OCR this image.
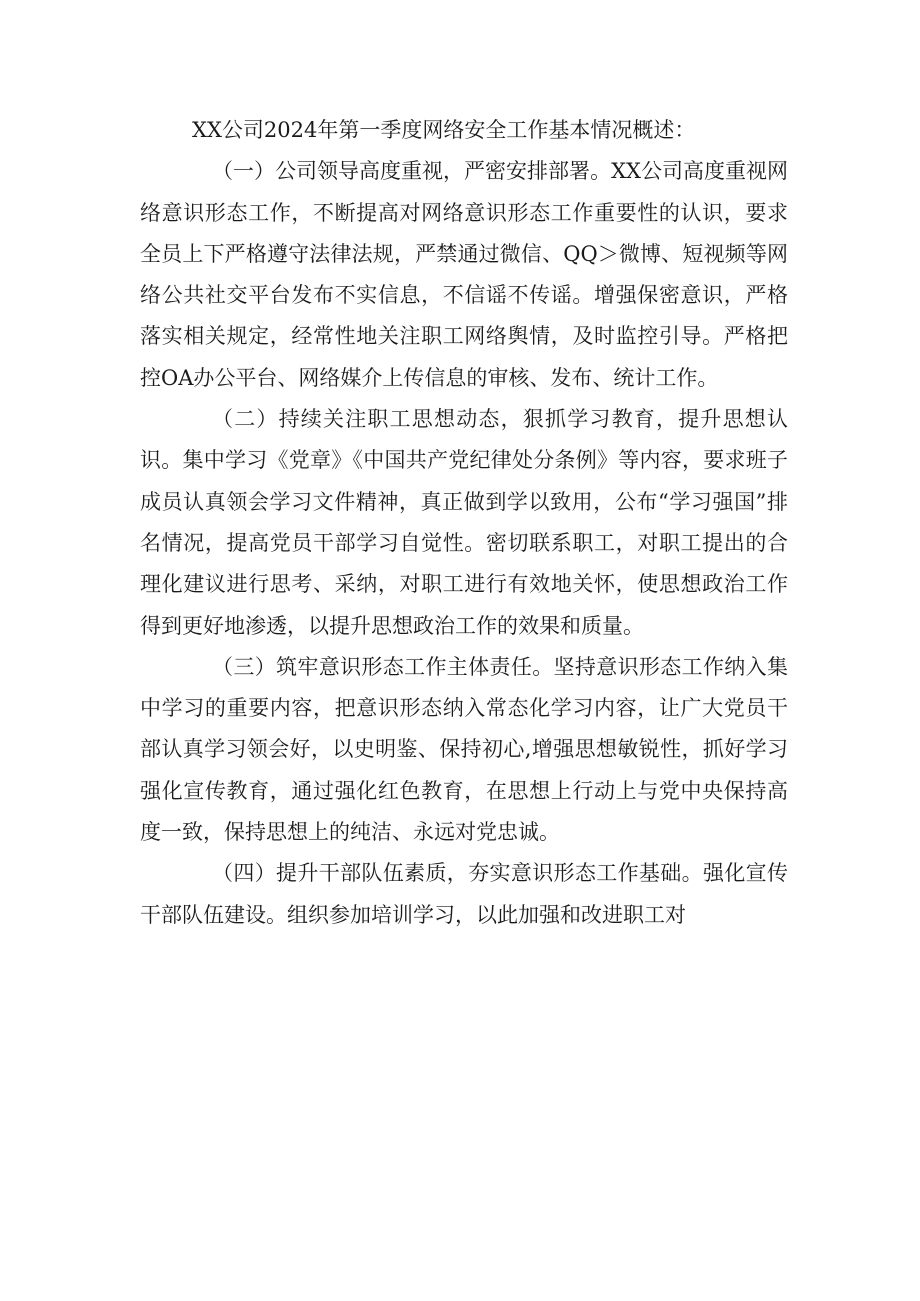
XX公司2024年第一季度网络安全工作基本情况概述：

（一）公司领导高度重视，严密安排部署。XX公司高度重视网络意识形态工作，不断提高对网络意识形态工作重要性的认识，要求全员上下严格遵守法律法规，严禁通过微信、QQ＞微博、短视频等网络公共社交平台发布不实信息，不信谣不传谣。增强保密意识，严格落实相关规定，经常性地关注职工网络舆情，及时监控引导。严格把控OA办公平台、网络媒介上传信息的审核、发布、统计工作。

（二）持续关注职工思想动态，狠抓学习教育，提升思想认识。集中学习《党章》《中国共产党纪律处分条例》等内容，要求班子成员认真领会学习文件精神，真正做到学以致用，公布“学习强国”排名情况，提高党员干部学习自觉性。密切联系职工，对职工提出的合理化建议进行思考、采纳，对职工进行有效地关怀，使思想政治工作得到更好地渗透，以提升思想政治工作的效果和质量。

（三）筑牢意识形态工作主体责任。坚持意识形态工作纳入集中学习的重要内容，把意识形态纳入常态化学习内容，让广大党员干部认真学习领会好，以史明鉴、保持初心,增强思想敏锐性，抓好学习强化宣传教育，通过强化红色教育，在思想上行动上与党中央保持高度一致，保持思想上的纯洁、永远对党忠诚。

（四）提升干部队伍素质，夯实意识形态工作基础。强化宣传干部队伍建设。组织参加培训学习，以此加强和改进职工对
